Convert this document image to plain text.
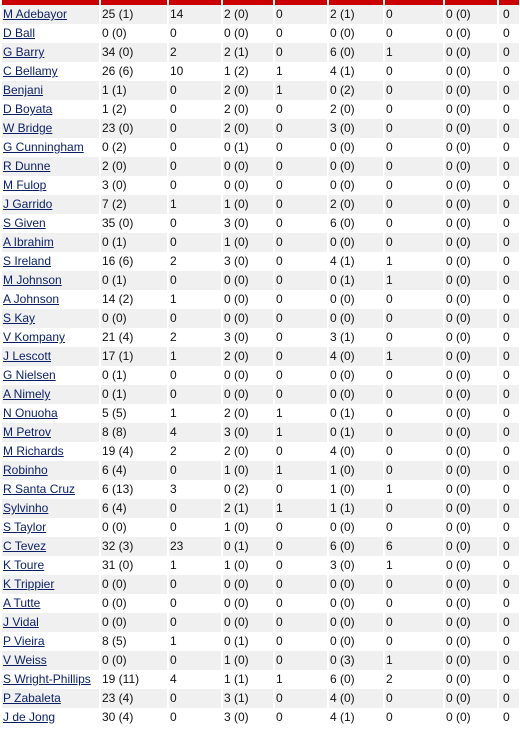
M Adebayor	25 (1)	14	2 (0)	0	2 (1)	0	0 (0)	0
D Ball	0 (0)	0	0 (0)	0	0 (0)	0	0 (0)	0
G Barry	34 (0)	2	2 (1)	0	6 (0)	1	0 (0)	0
C Bellamy	26 (6)	10	1 (2)	1	4 (1)	0	0 (0)	0
Benjani	1 (1)	0	2 (0)	1	0 (2)	0	0 (0)	0
D Boyata	1 (2)	0	2 (0)	0	2 (0)	0	0 (0)	0
W Bridge	23 (0)	0	2 (0)	0	3 (0)	0	0 (0)	0
G Cunningham	0 (2)	0	0 (1)	0	0 (0)	0	0 (0)	0
R Dunne	2 (0)	0	0 (0)	0	0 (0)	0	0 (0)	0
M Fulop	3 (0)	0	0 (0)	0	0 (0)	0	0 (0)	0
J Garrido	7 (2)	1	1 (0)	0	2 (0)	0	0 (0)	0
S Given	35 (0)	0	3 (0)	0	6 (0)	0	0 (0)	0
A Ibrahim	0 (1)	0	1 (0)	0	0 (0)	0	0 (0)	0
S Ireland	16 (6)	2	3 (0)	0	4 (1)	1	0 (0)	0
M Johnson	0 (1)	0	0 (0)	0	0 (1)	1	0 (0)	0
A Johnson	14 (2)	1	0 (0)	0	0 (0)	0	0 (0)	0
S Kay	0 (0)	0	0 (0)	0	0 (0)	0	0 (0)	0
V Kompany	21 (4)	2	3 (0)	0	3 (1)	0	0 (0)	0
J Lescott	17 (1)	1	2 (0)	0	4 (0)	1	0 (0)	0
G Nielsen	0 (1)	0	0 (0)	0	0 (0)	0	0 (0)	0
A Nimely	0 (1)	0	0 (0)	0	0 (0)	0	0 (0)	0
N Onuoha	5 (5)	1	2 (0)	1	0 (1)	0	0 (0)	0
M Petrov	8 (8)	4	3 (0)	1	0 (1)	0	0 (0)	0
M Richards	19 (4)	2	2 (0)	0	4 (0)	0	0 (0)	0
Robinho	6 (4)	0	1 (0)	1	1 (0)	0	0 (0)	0
R Santa Cruz	6 (13)	3	0 (2)	0	1 (0)	1	0 (0)	0
Sylvinho	6 (4)	0	2 (1)	1	1 (1)	0	0 (0)	0
S Taylor	0 (0)	0	1 (0)	0	0 (0)	0	0 (0)	0
C Tevez	32 (3)	23	0 (1)	0	6 (0)	6	0 (0)	0
K Toure	31 (0)	1	1 (0)	0	3 (0)	1	0 (0)	0
K Trippier	0 (0)	0	0 (0)	0	0 (0)	0	0 (0)	0
A Tutte	0 (0)	0	0 (0)	0	0 (0)	0	0 (0)	0
J Vidal	0 (0)	0	0 (0)	0	0 (0)	0	0 (0)	0
P Vieira	8 (5)	1	0 (1)	0	0 (0)	0	0 (0)	0
V Weiss	0 (0)	0	1 (0)	0	0 (3)	1	0 (0)	0
S Wright-Phillips	19 (11)	4	1 (1)	1	6 (0)	2	0 (0)	0
P Zabaleta	23 (4)	0	3 (1)	0	4 (0)	0	0 (0)	0
J de Jong	30 (4)	0	3 (0)	0	4 (1)	0	0 (0)	0
